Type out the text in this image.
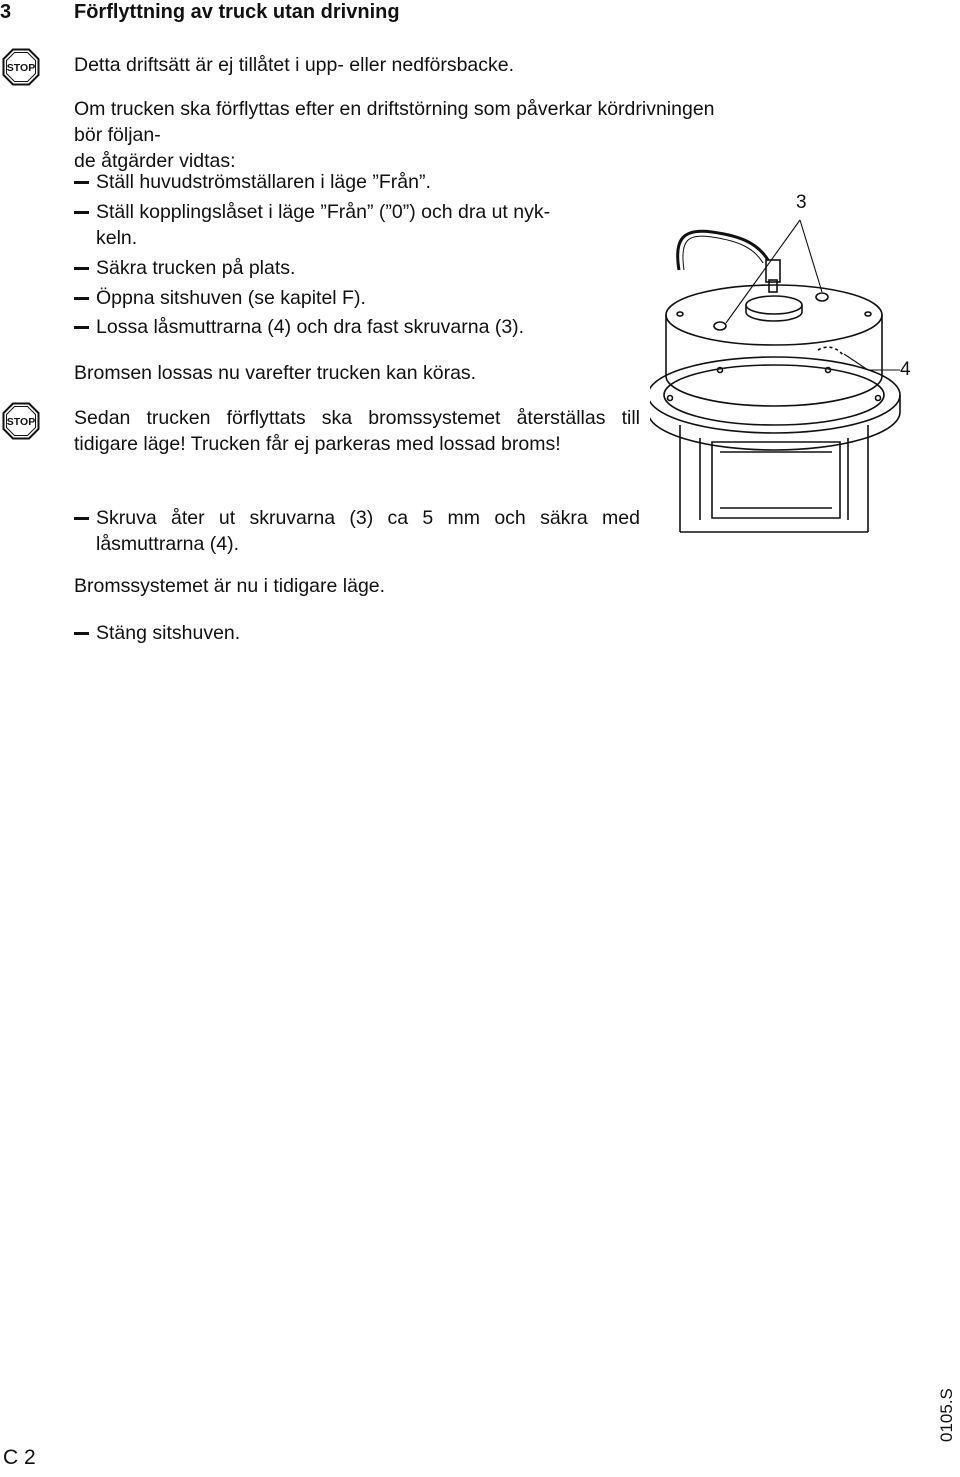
3	Förflyttning av truck utan drivning
STOP Detta driftsätt är ej tillåtet i upp- eller nedförsbacke.

Om trucken ska förflyttas efter en driftstörning som påverkar kördrivningen bör följan-
de åtgärder vidtas:
Ställ huvudströmställaren i läge ”Från”.
Ställ kopplingslåset i läge ”Från” (”0”) och dra ut nyk-
keln.
Säkra trucken på plats.
Öppna sitshuven (se kapitel F).
Lossa låsmuttrarna (4) och dra fast skruvarna (3).

Bromsen lossas nu varefter trucken kan köras.

STOP Sedan trucken förflyttats ska bromssystemet återställas till tidigare läge! Trucken får ej parkeras med lossad broms!

Skruva åter ut skruvarna (3) ca 5 mm och säkra med låsmuttrarna (4).

Bromssystemet är nu i tidigare läge.

Stäng sitshuven.
3
4
C 2
0105.S
